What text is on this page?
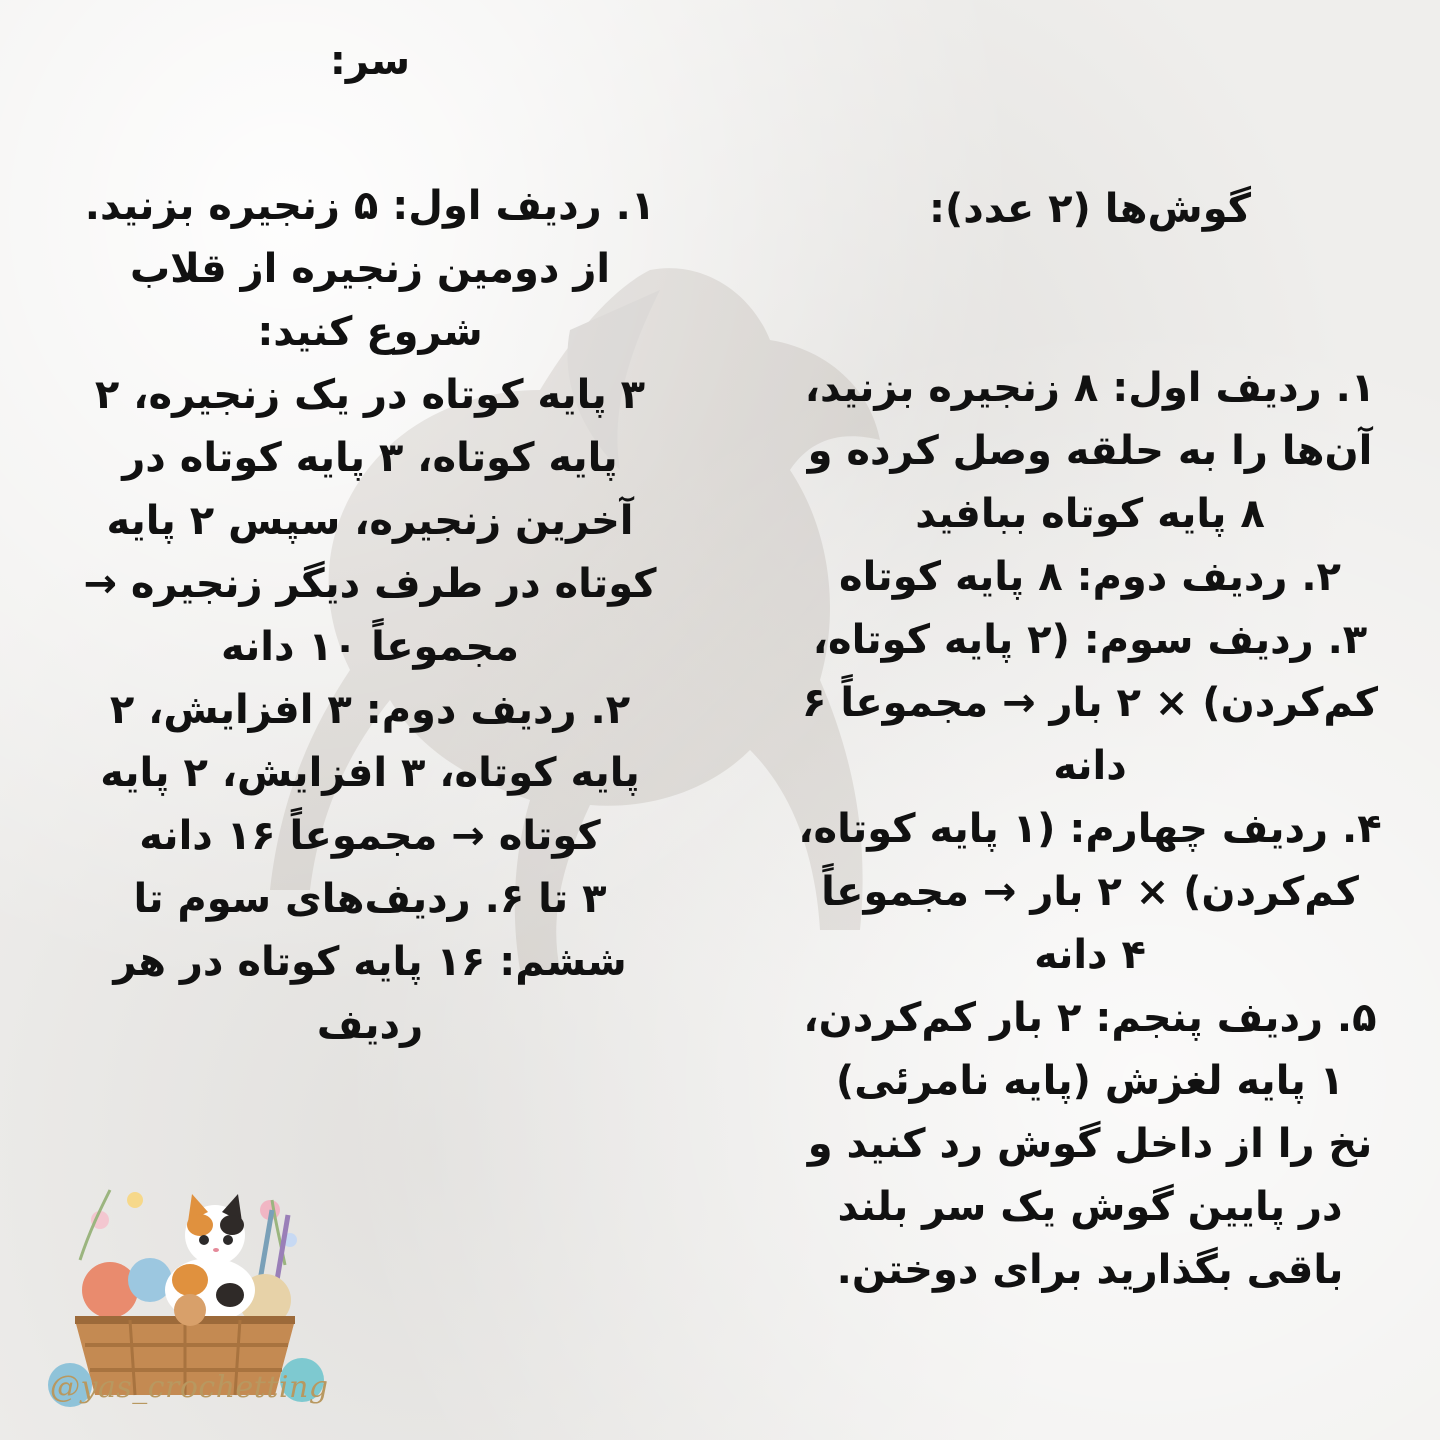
سر:
۱. ردیف اول: ۵ زنجیره بزنید.
از دومین زنجیره از قلاب
شروع کنید:
۳ پایه کوتاه در یک زنجیره، ۲
پایه کوتاه، ۳ پایه کوتاه در
آخرین زنجیره، سپس ۲ پایه
کوتاه در طرف دیگر زنجیره →
مجموعاً ۱۰ دانه
۲. ردیف دوم: ۳ افزایش، ۲
پایه کوتاه، ۳ افزایش، ۲ پایه
کوتاه → مجموعاً ۱۶ دانه
۳ تا ۶. ردیف‌های سوم تا
ششم: ۱۶ پایه کوتاه در هر
ردیف
گوش‌ها (۲ عدد):
۱. ردیف اول: ۸ زنجیره بزنید،
آن‌ها را به حلقه وصل کرده و
۸ پایه کوتاه ببافید
۲. ردیف دوم: ۸ پایه کوتاه
۳. ردیف سوم: (۲ پایه کوتاه،
کم‌کردن) × ۲ بار → مجموعاً ۶
دانه
۴. ردیف چهارم: (۱ پایه کوتاه،
کم‌کردن) × ۲ بار → مجموعاً
۴ دانه
۵. ردیف پنجم: ۲ بار کم‌کردن،
۱ پایه لغزش (پایه نامرئی)
نخ را از داخل گوش رد کنید و
در پایین گوش یک سر بلند
باقی بگذارید برای دوختن.
@yas_crochetting
